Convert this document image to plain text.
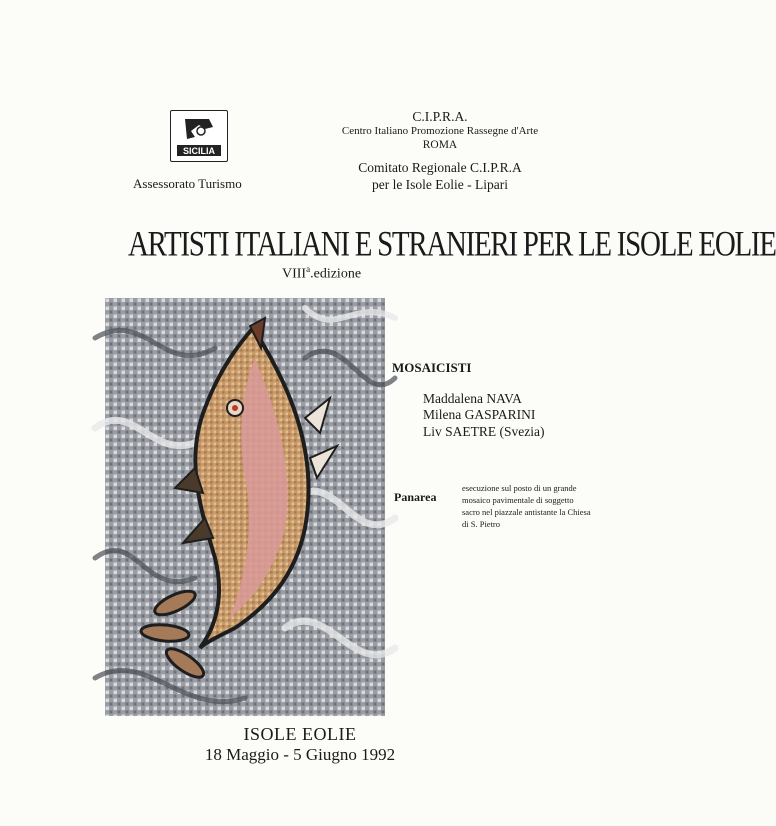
SICILIA
Assessorato Turismo
C.I.P.R.A.
Centro Italiano Promozione Rassegne d'Arte
ROMA
Comitato Regionale C.I.P.R.A
per le Isole Eolie - Lipari
ARTISTI ITALIANI E STRANIERI PER LE ISOLE EOLIE
VIII$^a$.edizione
MOSAICISTI
Maddalena NAVA
Milena GASPARINI
Liv SAETRE (Svezia)
Panarea
esecuzione sul posto di un grande mosaico pavimentale di soggetto sacro nel piazzale antistante la Chiesa di S. Pietro
ISOLE EOLIE
18 Maggio - 5 Giugno 1992
